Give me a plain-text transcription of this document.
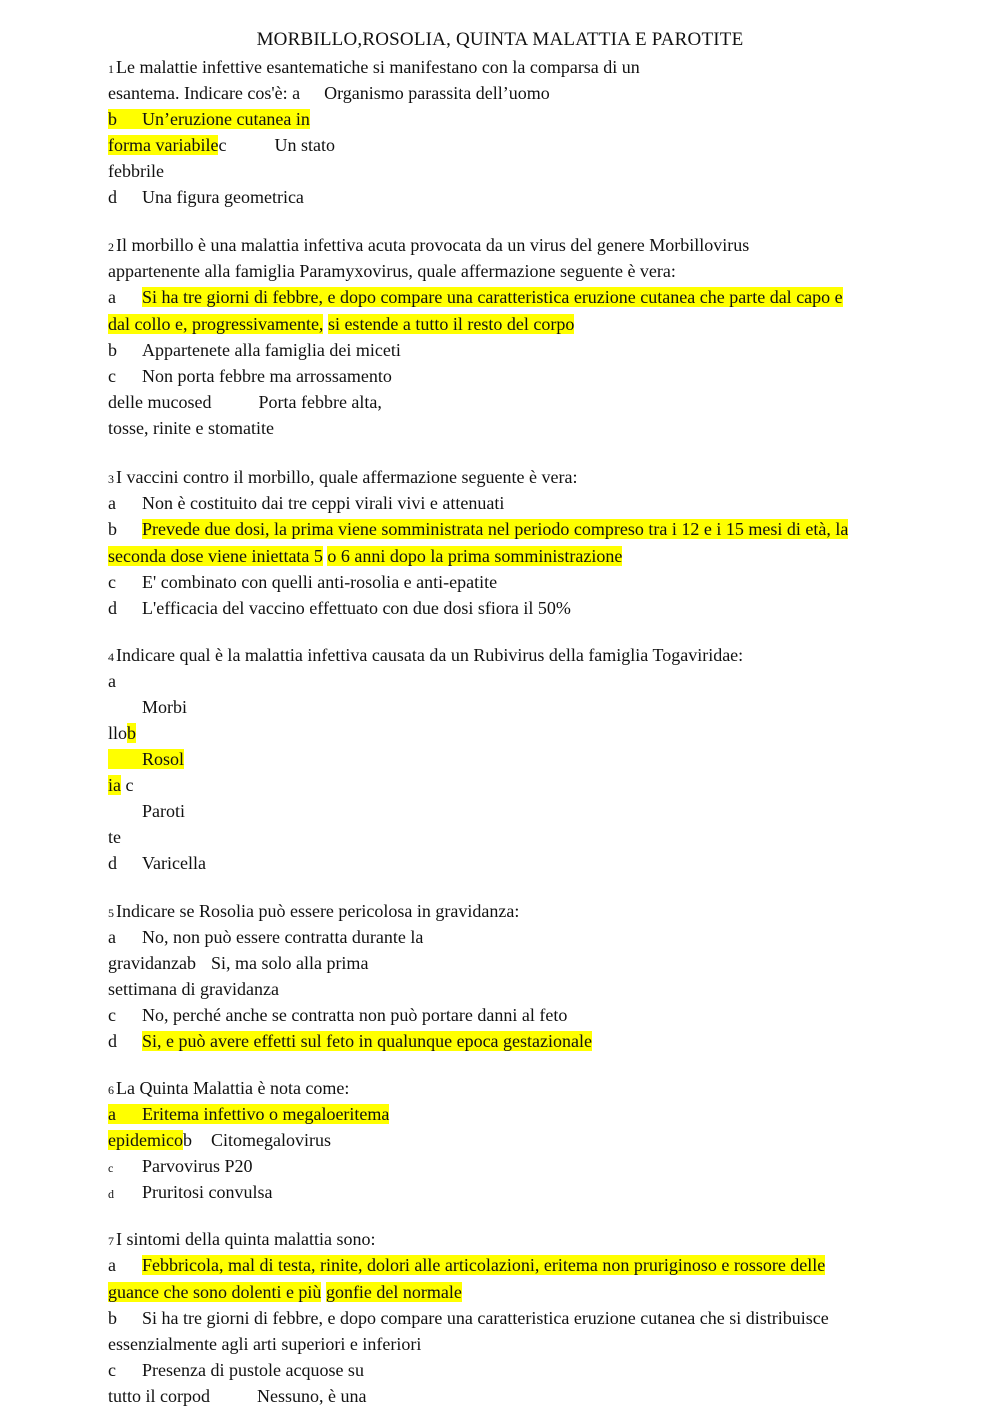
MORBILLO,ROSOLIA, QUINTA MALATTIA E PAROTITE
1 Le malattie infettive esantematiche si manifestano con la comparsa di un
esantema. Indicare cos'è: a Organismo parassita dell’uomo
b Un’eruzione cutanea in
forma variabilec	Un stato
febbrile
d Una figura geometrica
2 Il morbillo è una malattia infettiva acuta provocata da un virus del genere Morbillovirus
appartenente alla famiglia Paramyxovirus, quale affermazione seguente è vera:
a Si ha tre giorni di febbre, e dopo compare una caratteristica eruzione cutanea che parte dal capo e
dal collo e, progressivamente, si estende a tutto il resto del corpo
b Appartenete alla famiglia dei miceti
c Non porta febbre ma arrossamento
delle mucosed	Porta febbre alta,
tosse, rinite e stomatite
3 I vaccini contro il morbillo, quale affermazione seguente è vera:
a Non è costituito dai tre ceppi virali vivi e attenuati
b Prevede due dosi, la prima viene somministrata nel periodo compreso tra i 12 e i 15 mesi di età, la
seconda dose viene iniettata 5 o 6 anni dopo la prima somministrazione
c E' combinato con quelli anti-rosolia e anti-epatite
d L'efficacia del vaccino effettuato con due dosi sfiora il 50%
4 Indicare qual è la malattia infettiva causata da un Rubivirus della famiglia Togaviridae:
a
Morbi
llob
Rosol
ia c
Paroti
te
d Varicella
5 Indicare se Rosolia può essere pericolosa in gravidanza:
a No, non può essere contratta durante la
gravidanzab Si, ma solo alla prima
settimana di gravidanza
c No, perché anche se contratta non può portare danni al feto
d Si, e può avere effetti sul feto in qualunque epoca gestazionale
6 La Quinta Malattia è nota come:
a Eritema infettivo o megaloeritema
epidemicob Citomegalovirus
c Parvovirus P20
d Pruritosi convulsa
7 I sintomi della quinta malattia sono:
a Febbricola, mal di testa, rinite, dolori alle articolazioni, eritema non pruriginoso e rossore delle
guance che sono dolenti e più gonfie del normale
b Si ha tre giorni di febbre, e dopo compare una caratteristica eruzione cutanea che si distribuisce
essenzialmente agli arti superiori e inferiori
c Presenza di pustole acquose su
tutto il corpod	Nessuno, è una
